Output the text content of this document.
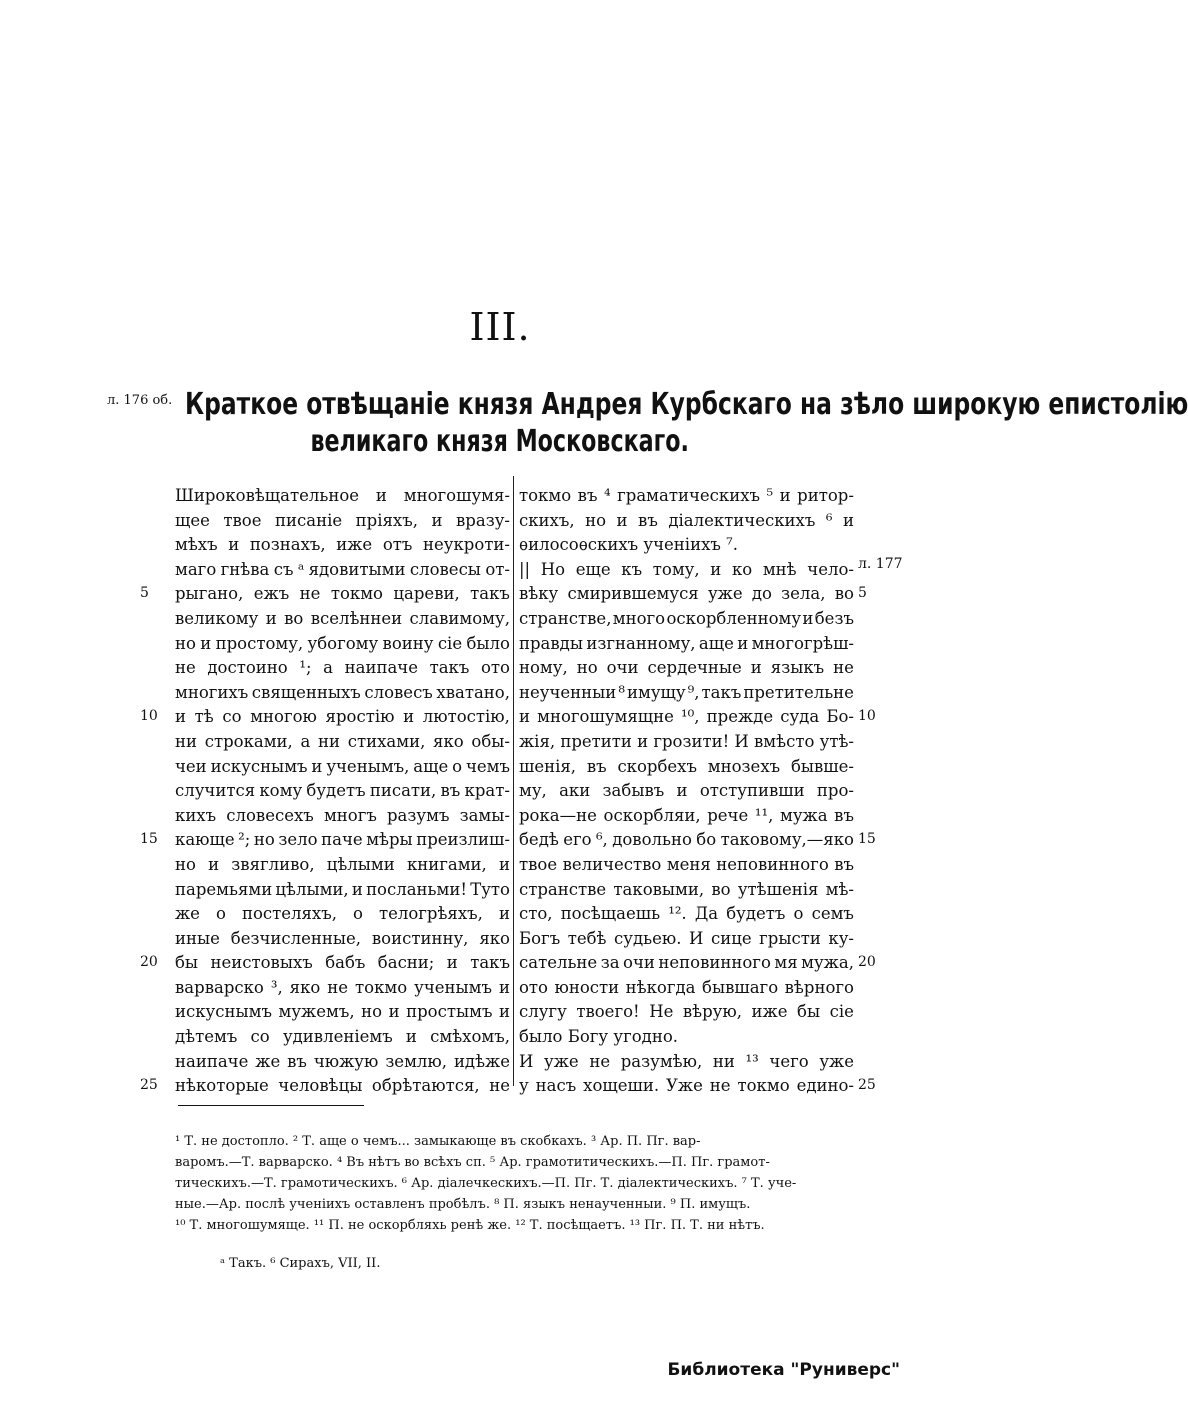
III.
л. 176 об. Краткое отвѣщаніе князя Андрея Курбскаго на зѣло широкую епистолію
великаго князя Московскаго.
Широковѣщательное и многошумя-
щее твое писаніе пріяхъ, и вразу-
мѣхъ и познахъ, иже отъ неукроти-
маго гнѣва съ ᵃ ядовитыми словесы от-
рыгано, ежъ не токмо цареви, такъ
великому и во вселѣннеи славимому,
но и простому, убогому воину сіе было
не достоино ¹; а наипаче такъ ото
многихъ священныхъ словесъ хватано,
и тѣ со многою яростію и лютостію,
ни строками, а ни стихами, яко обы-
чеи искуснымъ и ученымъ, аще о чемъ
случится кому будетъ писати, въ крат-
кихъ словесехъ многъ разумъ замы-
кающе ²; но зело паче мѣры преизлиш-
но и звягливо, цѣлыми книгами, и
паремьями цѣлыми, и посланьми! Туто
же о постеляхъ, о телогрѣяхъ, и
иные безчисленные, воистинну, яко
бы неистовыхъ бабъ басни; и такъ
варварско ³, яко не токмо ученымъ и
искуснымъ мужемъ, но и простымъ и
дѣтемъ со удивленіемъ и смѣхомъ,
наипаче же въ чюжую землю, идѣже
нѣкоторые человѣцы обрѣтаются, не
токмо въ ⁴ граматическихъ ⁵ и ритор-
скихъ, но и въ діалектическихъ ⁶ и
ѳилосоѳскихъ ученіихъ ⁷.
|| Но еще къ тому, и ко мнѣ чело-
вѣку смирившемуся уже до зела, во
странстве, много оскорбленному и безъ
правды изгнанному, аще и многогрѣш-
ному, но очи сердечные и языкъ не
неученныи ⁸ имущу ⁹, такъ претительне
и многошумящне ¹⁰, прежде суда Бо-
жія, претити и грозити! И вмѣсто утѣ-
шенія, въ скорбехъ мнозехъ бывше-
му, аки забывъ и отступивши про-
рока—не оскорбляи, рече ¹¹, мужа въ
бедѣ его ⁶, довольно бо таковому,—яко
твое величество меня неповинного въ
странстве таковыми, во утѣшенія мѣ-
сто, посѣщаешь ¹². Да будетъ о семъ
Богъ тебѣ судьею. И сице грысти ку-
сательне за очи неповинного мя мужа,
ото юности нѣкогда бывшаго вѣрного
слугу твоего! Не вѣрую, иже бы сіе
было Богу угодно.
И уже не разумѣю, ни ¹³ чего уже
у насъ хощеши. Уже не токмо едино-
5
10
15
20
25
5
10
15
20
25
л. 177
¹ Т. не достопло. ² Т. аще о чемъ... замыкающе въ скобкахъ. ³ Ар. П. Пг. вар-
варомъ.—Т. варварско. ⁴ Въ нѣтъ во всѣхъ сп. ⁵ Ар. грамотитическихъ.—П. Пг. грамот-
тическихъ.—Т. грамотическихъ. ⁶ Ар. діалечкескихъ.—П. Пг. Т. діалектическихъ. ⁷ Т. уче-
ные.—Ар. послѣ ученіихъ оставленъ пробѣлъ. ⁸ П. языкъ ненаученныи. ⁹ П. имущъ.
¹⁰ Т. многошумяще. ¹¹ П. не оскорбляхь ренѣ же. ¹² Т. посѣщаетъ. ¹³ Пг. П. Т. ни нѣтъ.
ᵃ Такъ. ⁶ Сирахъ, VII, II.
Библиотека "Руниверс"
